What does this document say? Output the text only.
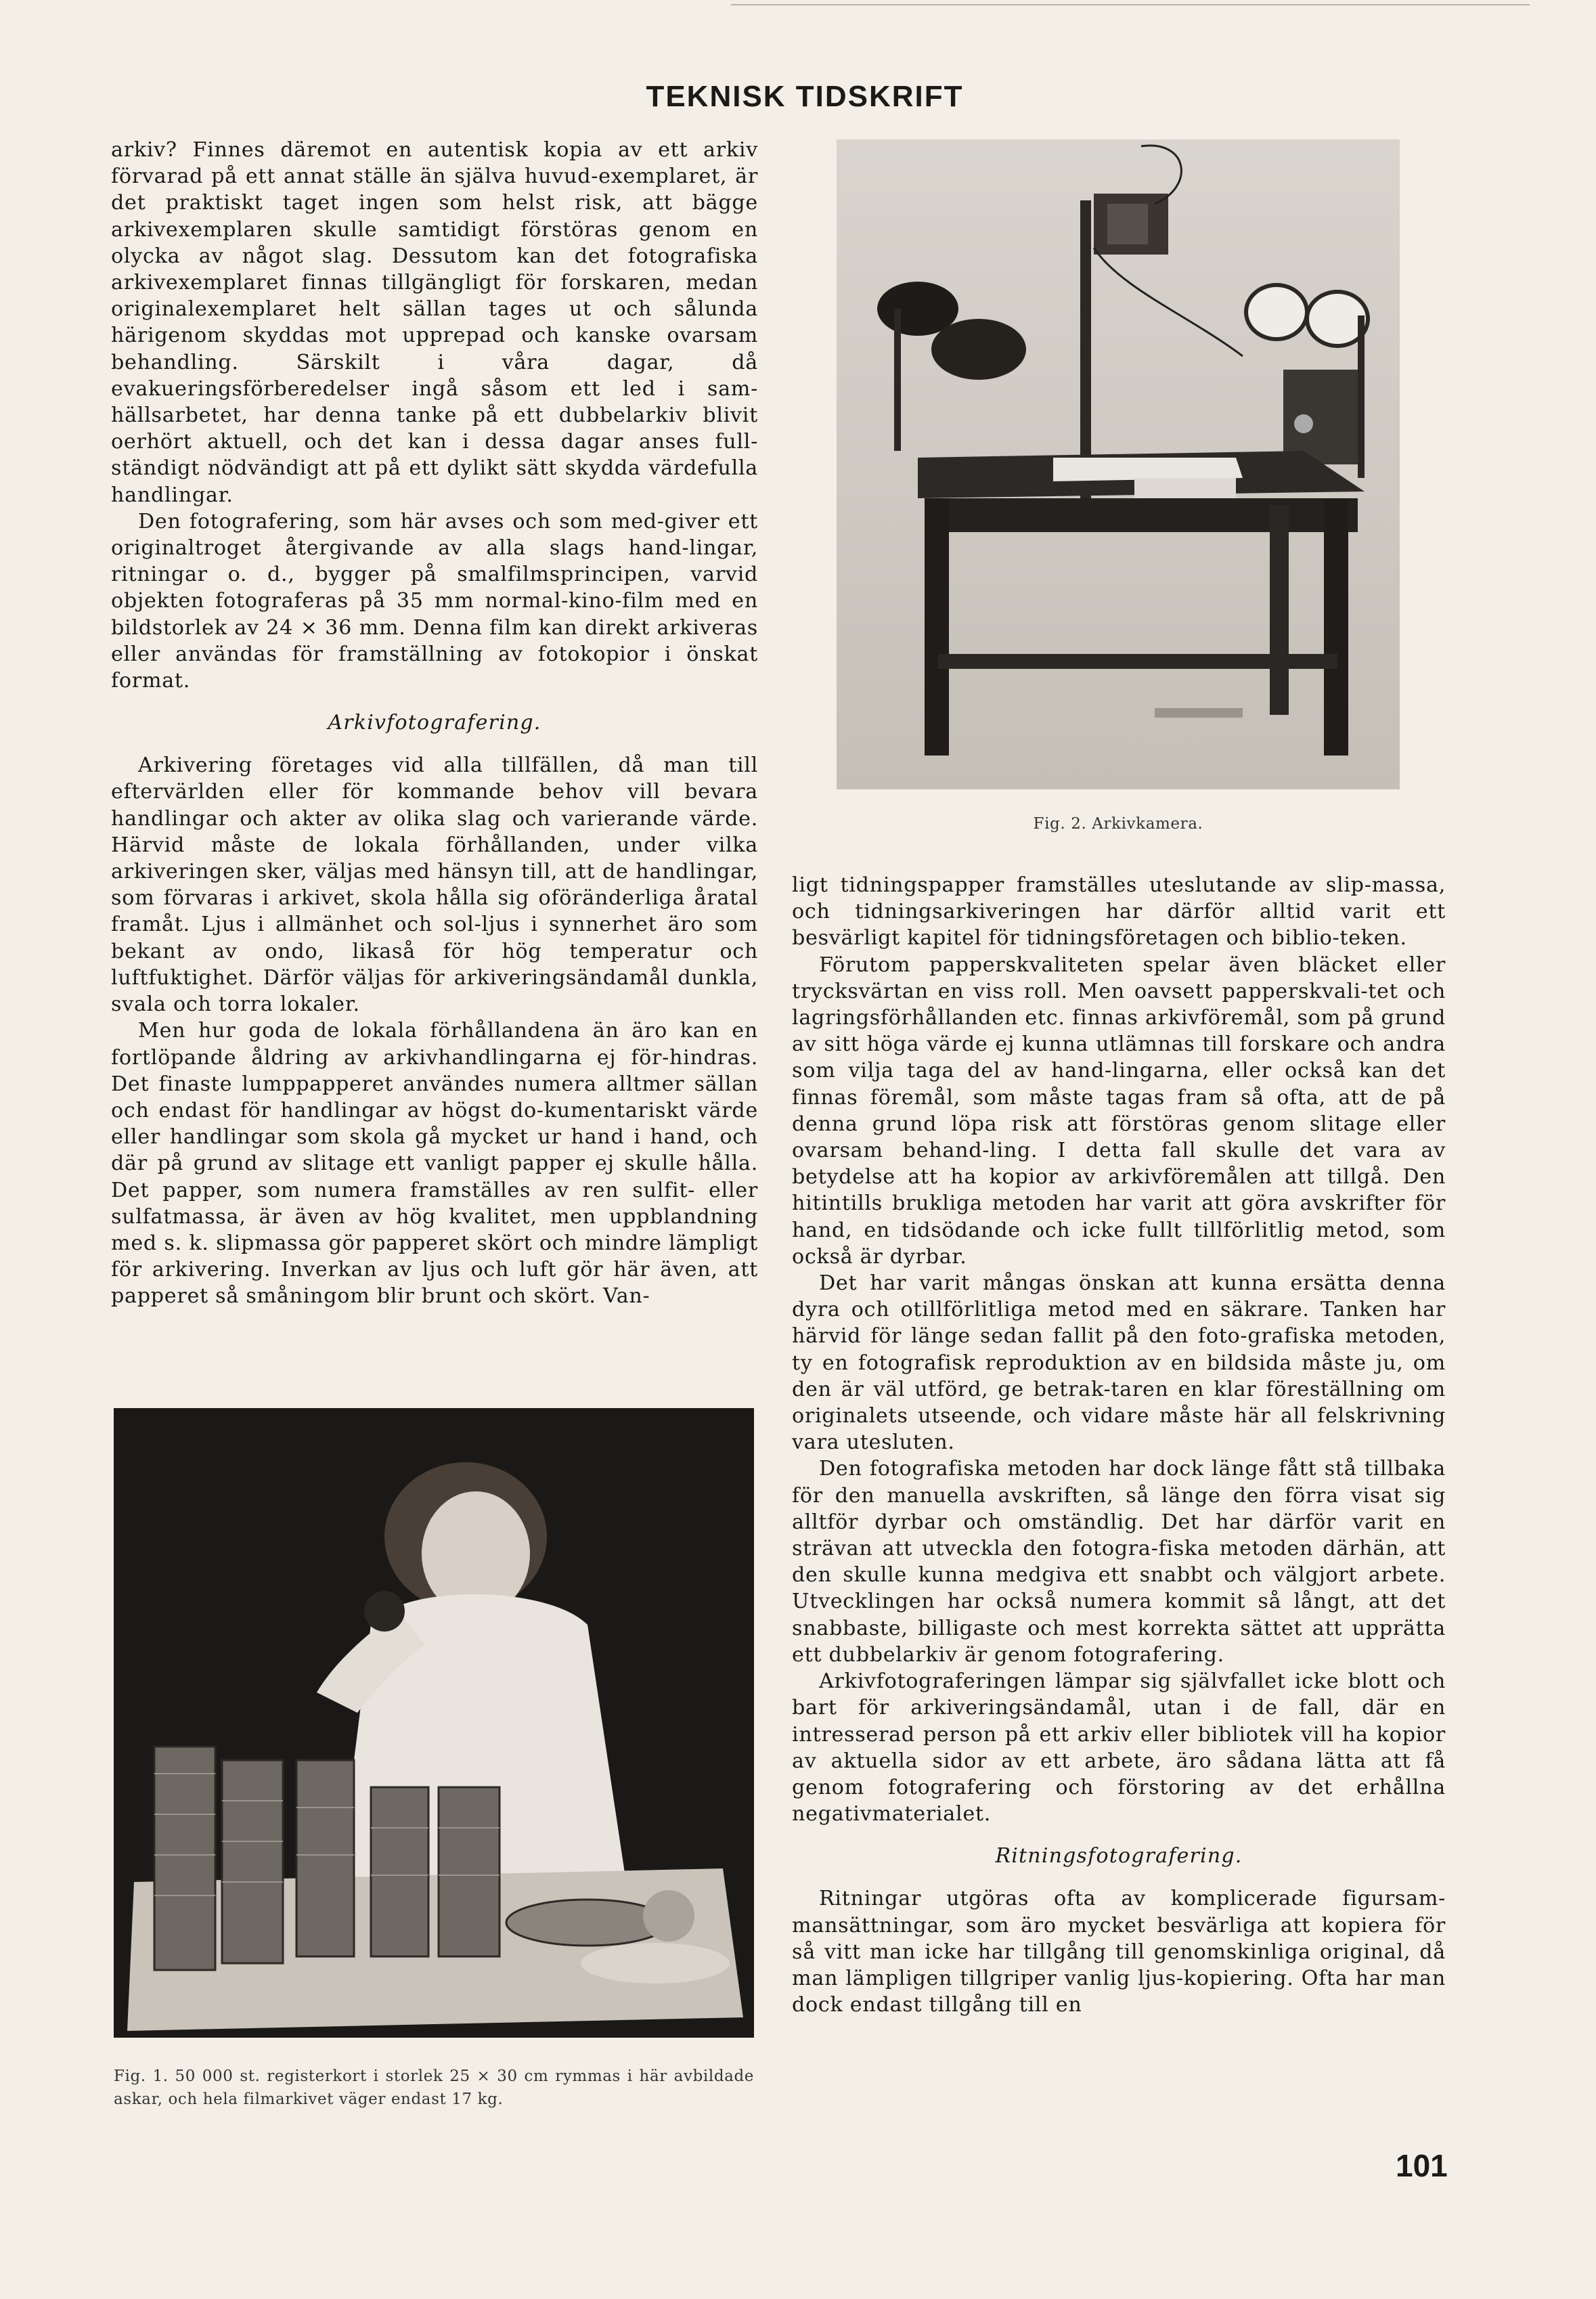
TEKNISK TIDSKRIFT

arkiv? Finnes däremot en autentisk kopia av ett arkiv förvarad på ett annat ställe än själva huvud-exemplaret, är det praktiskt taget ingen som helst risk, att bägge arkivexemplaren skulle samtidigt förstöras genom en olycka av något slag. Dessutom kan det fotografiska arkivexemplaret finnas tillgängligt för forskaren, medan originalexemplaret helt sällan tages ut och sålunda härigenom skyddas mot upprepad och kanske ovarsam behandling. Särskilt i våra dagar, då evakueringsförberedelser ingå såsom ett led i sam-hällsarbetet, har denna tanke på ett dubbelarkiv blivit oerhört aktuell, och det kan i dessa dagar anses full-ständigt nödvändigt att på ett dylikt sätt skydda värdefulla handlingar.

Den fotografering, som här avses och som med-giver ett originaltroget återgivande av alla slags hand-lingar, ritningar o. d., bygger på smalfilmsprincipen, varvid objekten fotograferas på 35 mm normal-kino-film med en bildstorlek av 24 × 36 mm. Denna film kan direkt arkiveras eller användas för framställning av fotokopior i önskat format.

Arkivfotografering.

Arkivering företages vid alla tillfällen, då man till eftervärlden eller för kommande behov vill bevara handlingar och akter av olika slag och varierande värde. Härvid måste de lokala förhållanden, under vilka arkiveringen sker, väljas med hänsyn till, att de handlingar, som förvaras i arkivet, skola hålla sig oföränderliga åratal framåt. Ljus i allmänhet och sol-ljus i synnerhet äro som bekant av ondo, likaså för hög temperatur och luftfuktighet. Därför väljas för arkiveringsändamål dunkla, svala och torra lokaler.

Men hur goda de lokala förhållandena än äro kan en fortlöpande åldring av arkivhandlingarna ej för-hindras. Det finaste lumppapperet användes numera alltmer sällan och endast för handlingar av högst do-kumentariskt värde eller handlingar som skola gå mycket ur hand i hand, och där på grund av slitage ett vanligt papper ej skulle hålla. Det papper, som numera framställes av ren sulfit- eller sulfatmassa, är även av hög kvalitet, men uppblandning med s. k. slipmassa gör papperet skört och mindre lämpligt för arkivering. Inverkan av ljus och luft gör här även, att papperet så småningom blir brunt och skört. Van-

Fig. 2. Arkivkamera.

ligt tidningspapper framställes uteslutande av slip-massa, och tidningsarkiveringen har därför alltid varit ett besvärligt kapitel för tidningsföretagen och biblio-teken.

Förutom papperskvaliteten spelar även bläcket eller trycksvärtan en viss roll. Men oavsett papperskvali-tet och lagringsförhållanden etc. finnas arkivföremål, som på grund av sitt höga värde ej kunna utlämnas till forskare och andra som vilja taga del av hand-lingarna, eller också kan det finnas föremål, som måste tagas fram så ofta, att de på denna grund löpa risk att förstöras genom slitage eller ovarsam behand-ling. I detta fall skulle det vara av betydelse att ha kopior av arkivföremålen att tillgå. Den hitintills brukliga metoden har varit att göra avskrifter för hand, en tidsödande och icke fullt tillförlitlig metod, som också är dyrbar.

Det har varit mångas önskan att kunna ersätta denna dyra och otillförlitliga metod med en säkrare. Tanken har härvid för länge sedan fallit på den foto-grafiska metoden, ty en fotografisk reproduktion av en bildsida måste ju, om den är väl utförd, ge betrak-taren en klar föreställning om originalets utseende, och vidare måste här all felskrivning vara utesluten.

Den fotografiska metoden har dock länge fått stå tillbaka för den manuella avskriften, så länge den förra visat sig alltför dyrbar och omständlig. Det har därför varit en strävan att utveckla den fotogra-fiska metoden därhän, att den skulle kunna medgiva ett snabbt och välgjort arbete. Utvecklingen har också numera kommit så långt, att det snabbaste, billigaste och mest korrekta sättet att upprätta ett dubbelarkiv är genom fotografering.

Arkivfotograferingen lämpar sig självfallet icke blott och bart för arkiveringsändamål, utan i de fall, där en intresserad person på ett arkiv eller bibliotek vill ha kopior av aktuella sidor av ett arbete, äro sådana lätta att få genom fotografering och förstoring av det erhållna negativmaterialet.

Ritningsfotografering.

Ritningar utgöras ofta av komplicerade figursam-mansättningar, som äro mycket besvärliga att kopiera för så vitt man icke har tillgång till genomskinliga original, då man lämpligen tillgriper vanlig ljus-kopiering. Ofta har man dock endast tillgång till en

Fig. 1. 50 000 st. registerkort i storlek 25 × 30 cm rymmas i här avbildade askar, och hela filmarkivet väger endast 17 kg.
101
